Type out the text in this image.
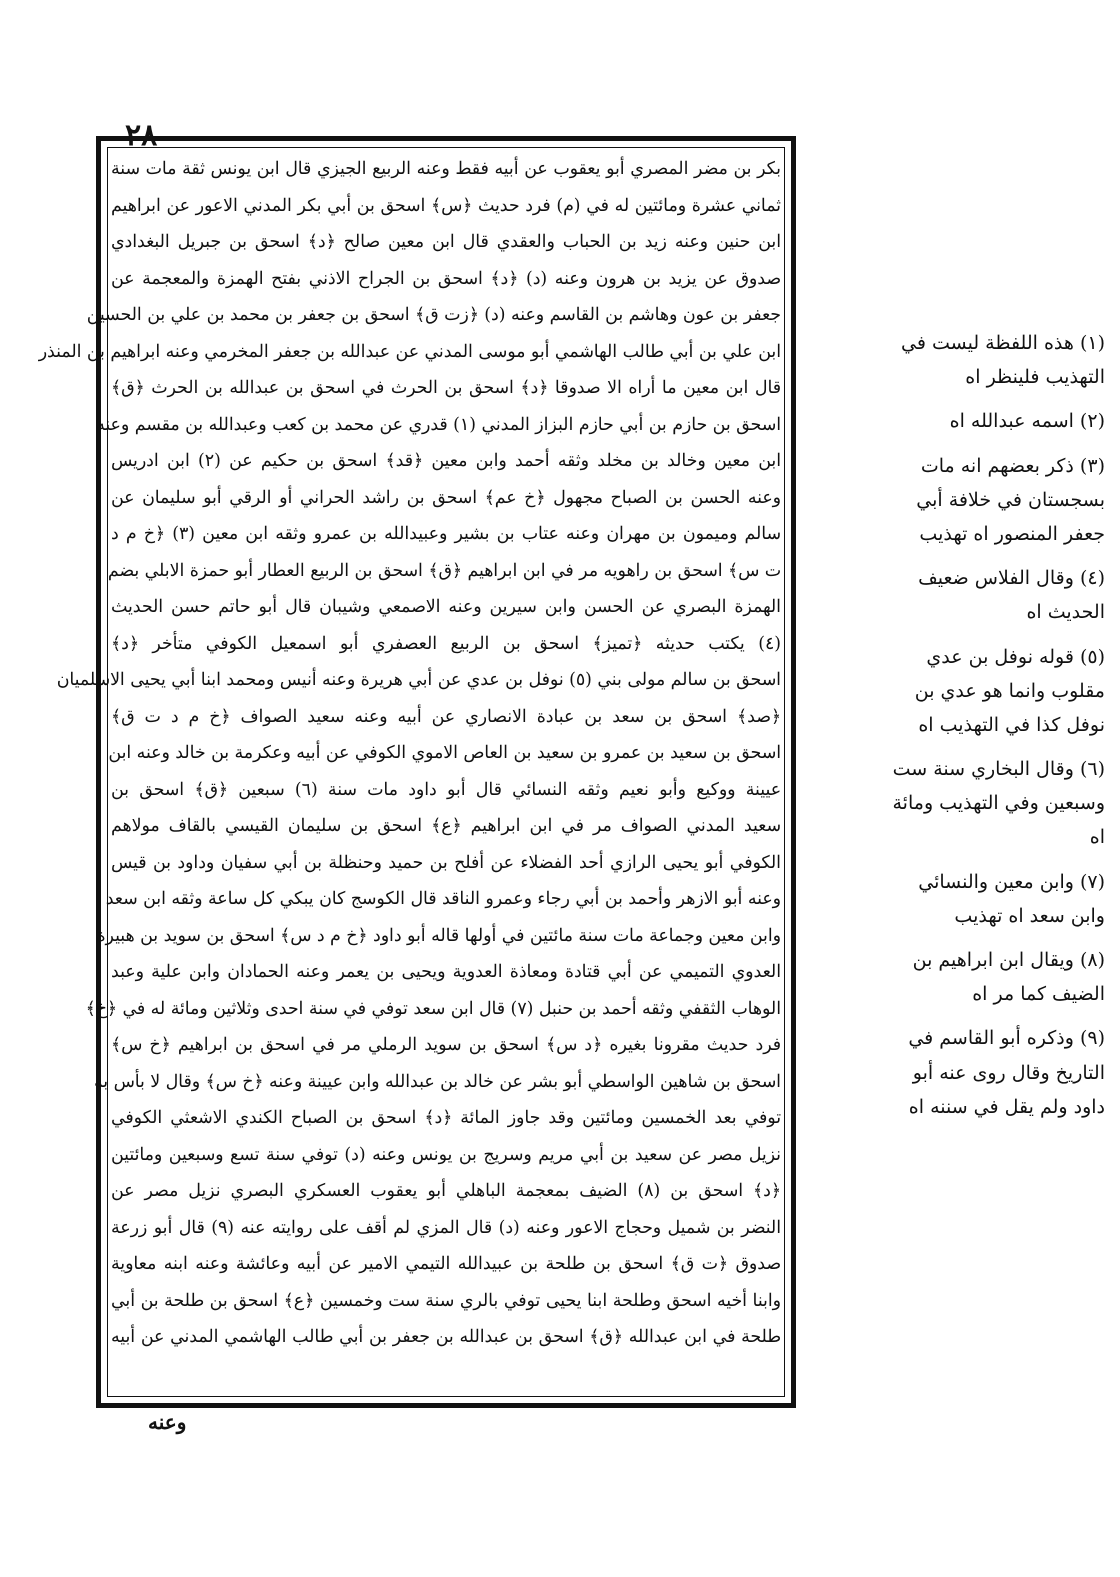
٢٨
بكر بن مضر المصري أبو يعقوب عن أبيه فقط وعنه الربيع الجيزي قال ابن يونس ثقة مات سنة
ثماني عشرة ومائتين له في (م) فرد حديث ﴿س﴾ اسحق بن أبي بكر المدني الاعور عن ابراهيم
ابن حنين وعنه زيد بن الحباب والعقدي قال ابن معين صالح ﴿د﴾ اسحق بن جبريل البغدادي
صدوق عن يزيد بن هرون وعنه (د) ﴿د﴾ اسحق بن الجراح الاذني بفتح الهمزة والمعجمة عن
جعفر بن عون وهاشم بن القاسم وعنه (د) ﴿زت ق﴾ اسحق بن جعفر بن محمد بن علي بن الحسين
ابن علي بن أبي طالب الهاشمي أبو موسى المدني عن عبدالله بن جعفر المخرمي وعنه ابراهيم بن المنذر
قال ابن معين ما أراه الا صدوقا ﴿د﴾ اسحق بن الحرث في اسحق بن عبدالله بن الحرث ﴿ق﴾
اسحق بن حازم بن أبي حازم البزاز المدني (١) قدري عن محمد بن كعب وعبدالله بن مقسم وعنه
ابن معين وخالد بن مخلد وثقه أحمد وابن معين ﴿قد﴾ اسحق بن حكيم عن (٢) ابن ادريس
وعنه الحسن بن الصباح مجهول ﴿خ عم﴾ اسحق بن راشد الحراني أو الرقي أبو سليمان عن
سالم وميمون بن مهران وعنه عتاب بن بشير وعبيدالله بن عمرو وثقه ابن معين (٣) ﴿خ م د
ت س﴾ اسحق بن راهويه مر في ابن ابراهيم ﴿ق﴾ اسحق بن الربيع العطار أبو حمزة الابلي بضم
الهمزة البصري عن الحسن وابن سيرين وعنه الاصمعي وشيبان قال أبو حاتم حسن الحديث
(٤) يكتب حديثه ﴿تميز﴾ اسحق بن الربيع العصفري أبو اسمعيل الكوفي متأخر ﴿د﴾
اسحق بن سالم مولى بني (٥) نوفل بن عدي عن أبي هريرة وعنه أنيس ومحمد ابنا أبي يحيى الاسلميان
﴿صد﴾ اسحق بن سعد بن عبادة الانصاري عن أبيه وعنه سعيد الصواف ﴿خ م د ت ق﴾
اسحق بن سعيد بن عمرو بن سعيد بن العاص الاموي الكوفي عن أبيه وعكرمة بن خالد وعنه ابن
عيينة ووكيع وأبو نعيم وثقه النسائي قال أبو داود مات سنة (٦) سبعين ﴿ق﴾ اسحق بن
سعيد المدني الصواف مر في ابن ابراهيم ﴿ع﴾ اسحق بن سليمان القيسي بالقاف مولاهم
الكوفي أبو يحيى الرازي أحد الفضلاء عن أفلح بن حميد وحنظلة بن أبي سفيان وداود بن قيس
وعنه أبو الازهر وأحمد بن أبي رجاء وعمرو الناقد قال الكوسج كان يبكي كل ساعة وثقه ابن سعد
وابن معين وجماعة مات سنة مائتين في أولها قاله أبو داود ﴿خ م د س﴾ اسحق بن سويد بن هبيرة
العدوي التميمي عن أبي قتادة ومعاذة العدوية ويحيى بن يعمر وعنه الحمادان وابن علية وعبد
الوهاب الثقفي وثقه أحمد بن حنبل (٧) قال ابن سعد توفي في سنة احدى وثلاثين ومائة له في ﴿خ﴾
فرد حديث مقرونا بغيره ﴿د س﴾ اسحق بن سويد الرملي مر في اسحق بن ابراهيم ﴿خ س﴾
اسحق بن شاهين الواسطي أبو بشر عن خالد بن عبدالله وابن عيينة وعنه ﴿خ س﴾ وقال لا بأس به
توفي بعد الخمسين ومائتين وقد جاوز المائة ﴿د﴾ اسحق بن الصباح الكندي الاشعثي الكوفي
نزيل مصر عن سعيد بن أبي مريم وسريج بن يونس وعنه (د) توفي سنة تسع وسبعين ومائتين
﴿د﴾ اسحق بن (٨) الضيف بمعجمة الباهلي أبو يعقوب العسكري البصري نزيل مصر عن
النضر بن شميل وحجاج الاعور وعنه (د) قال المزي لم أقف على روايته عنه (٩) قال أبو زرعة
صدوق ﴿ت ق﴾ اسحق بن طلحة بن عبيدالله التيمي الامير عن أبيه وعائشة وعنه ابنه معاوية
وابنا أخيه اسحق وطلحة ابنا يحيى توفي بالري سنة ست وخمسين ﴿ع﴾ اسحق بن طلحة بن أبي
طلحة في ابن عبدالله ﴿ق﴾ اسحق بن عبدالله بن جعفر بن أبي طالب الهاشمي المدني عن أبيه
(١) هذه اللفظة ليست في
التهذيب فلينظر اه
(٢) اسمه عبدالله اه
(٣) ذكر بعضهم انه مات
بسجستان في خلافة أبي
جعفر المنصور اه تهذيب
(٤) وقال الفلاس ضعيف
الحديث اه
(٥) قوله نوفل بن عدي
مقلوب وانما هو عدي بن
نوفل كذا في التهذيب اه
(٦) وقال البخاري سنة ست
وسبعين وفي التهذيب ومائة
اه
(٧) وابن معين والنسائي
وابن سعد اه تهذيب
(٨) ويقال ابن ابراهيم بن
الضيف كما مر اه
(٩) وذكره أبو القاسم في
التاريخ وقال روى عنه أبو
داود ولم يقل في سننه اه
وعنه
